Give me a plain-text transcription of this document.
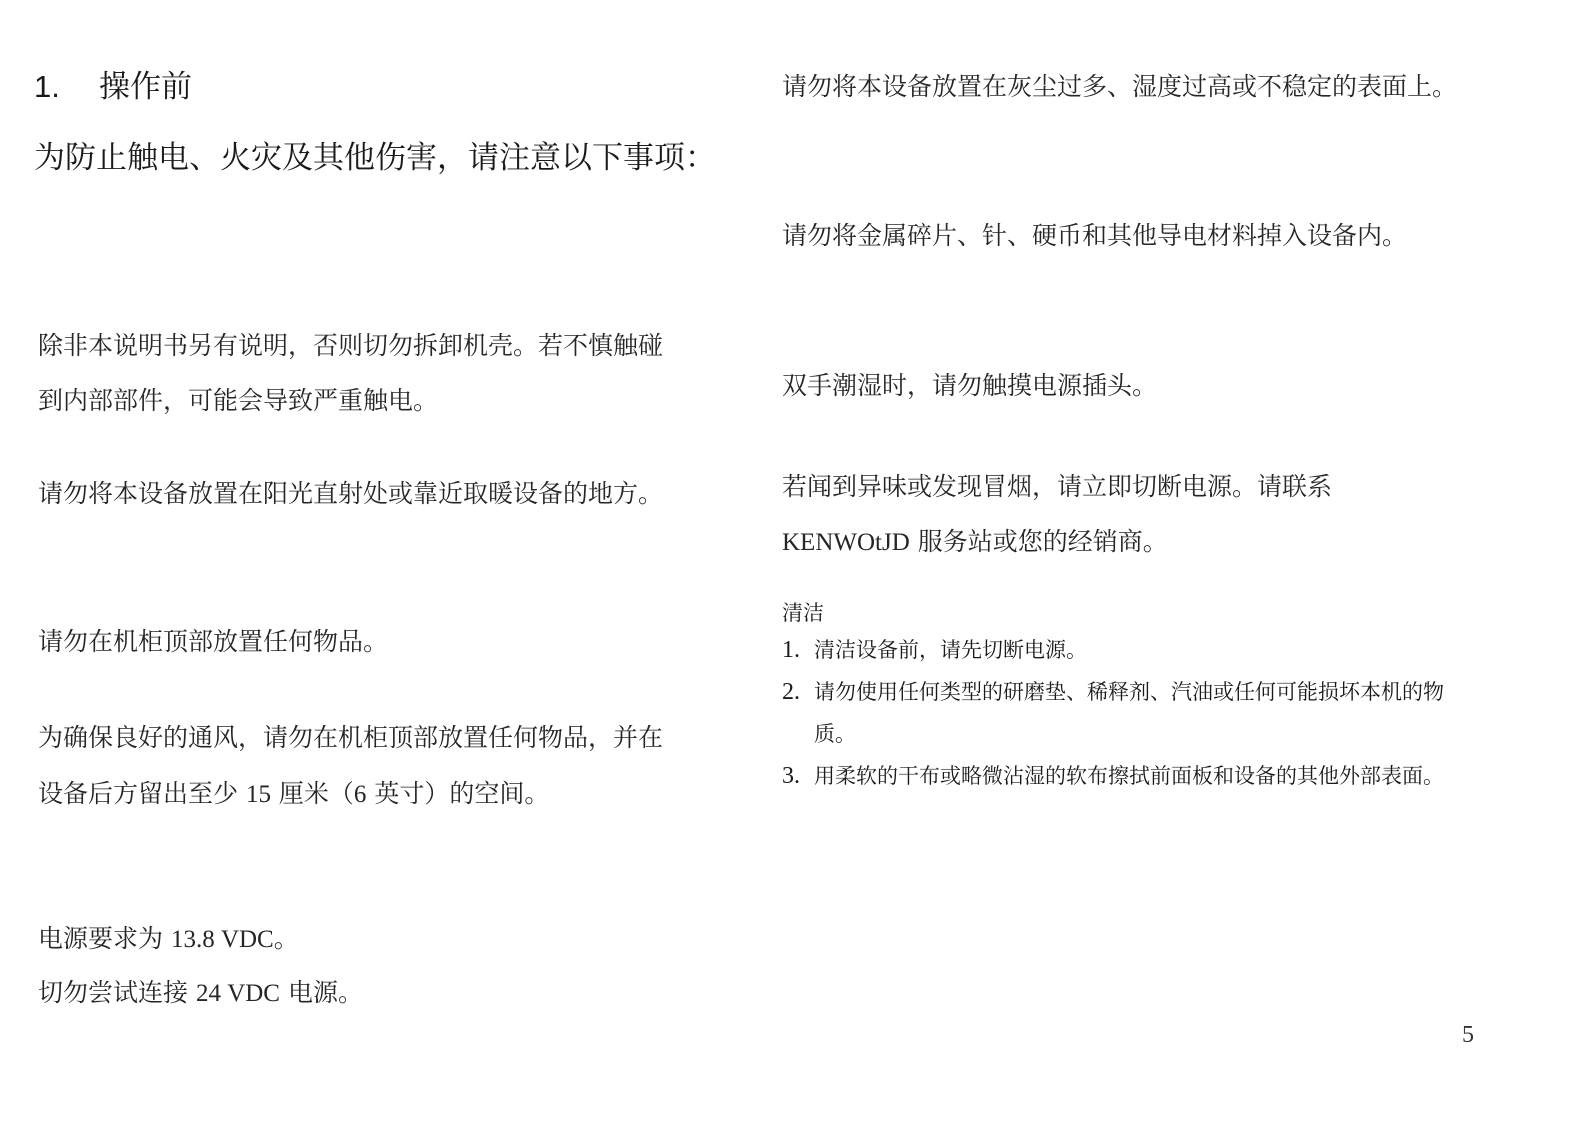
1. 操作前
为防止触电、火灾及其他伤害，请注意以下事项：

除非本说明书另有说明，否则切勿拆卸机壳。若不慎触碰到内部部件，可能会导致严重触电。

请勿将本设备放置在阳光直射处或靠近取暖设备的地方。

请勿在机柜顶部放置任何物品。

为确保良好的通风，请勿在机柜顶部放置任何物品，并在设备后方留出至少 15 厘米（6 英寸）的空间。

电源要求为 13.8 VDC。

切勿尝试连接 24 VDC 电源。

请勿将本设备放置在灰尘过多、湿度过高或不稳定的表面上。

请勿将金属碎片、针、硬币和其他导电材料掉入设备内。

双手潮湿时，请勿触摸电源插头。

若闻到异味或发现冒烟，请立即切断电源。请联系 KENWOtJD 服务站或您的经销商。

清洁
1. 清洁设备前，请先切断电源。
2. 请勿使用任何类型的研磨垫、稀释剂、汽油或任何可能损坏本机的物质。
3. 用柔软的干布或略微沾湿的软布擦拭前面板和设备的其他外部表面。
5
